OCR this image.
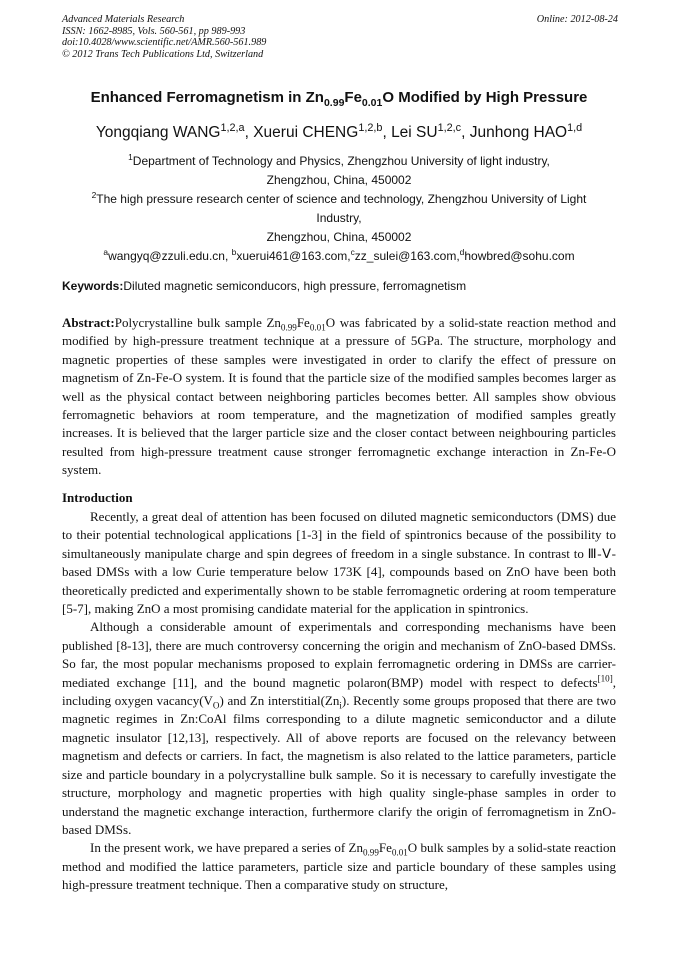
Advanced Materials Research	Online: 2012-08-24
ISSN: 1662-8985, Vols. 560-561, pp 989-993
doi:10.4028/www.scientific.net/AMR.560-561.989
© 2012 Trans Tech Publications Ltd, Switzerland
Enhanced Ferromagnetism in $Zn_{0.99}Fe_{0.01}O$ Modified by High Pressure
Yongqiang WANG$^{1,2,a}$, Xuerui CHENG$^{1,2,b}$, Lei SU$^{1,2,c}$, Junhong HAO$^{1,d}$
$^1$Department of Technology and Physics, Zhengzhou University of light industry,
Zhengzhou, China, 450002
$^2$The high pressure research center of science and technology, Zhengzhou University of Light
Industry,
Zhengzhou, China, 450002
$^a$wangyq@zzuli.edu.cn, $^b$xuerui461@163.com,$^c$zz_sulei@163.com,$^d$howbred@sohu.com
Keywords:Diluted magnetic semiconducors, high pressure, ferromagnetism

Abstract:Polycrystalline bulk sample $Zn_{0.99}Fe_{0.01}O$ was fabricated by a solid-state reaction method and modified by high-pressure treatment technique at a pressure of 5GPa. The structure, morphology and magnetic properties of these samples were investigated in order to clarify the effect of pressure on magnetism of Zn-Fe-O system. It is found that the particle size of the modified samples becomes larger as well as the physical contact between neighboring particles becomes better. All samples show obvious ferromagnetic behaviors at room temperature, and the magnetization of modified samples greatly increases. It is believed that the larger particle size and the closer contact between neighbouring particles resulted from high-pressure treatment cause stronger ferromagnetic exchange interaction in Zn-Fe-O system.

Introduction

Recently, a great deal of attention has been focused on diluted magnetic semiconductors (DMS) due to their potential technological applications [1-3] in the field of spintronics because of the possibility to simultaneously manipulate charge and spin degrees of freedom in a single substance. In contrast to Ⅲ-Ⅴ-based DMSs with a low Curie temperature below 173K [4], compounds based on ZnO have been both theoretically predicted and experimentally shown to be stable ferromagnetic ordering at room temperature [5-7], making ZnO a most promising candidate material for the application in spintronics.

Although a considerable amount of experimentals and corresponding mechanisms have been published [8-13], there are much controversy concerning the origin and mechanism of ZnO-based DMSs. So far, the most popular mechanisms proposed to explain ferromagnetic ordering in DMSs are carrier-mediated exchange [11], and the bound magnetic polaron(BMP) model with respect to defects[10], including oxygen $vacancy(V_O)$ and Zn $interstitial(Zn_i)$. Recently some groups proposed that there are two magnetic regimes in Zn:CoAl films corresponding to a dilute magnetic semiconductor and a dilute magnetic insulator [12,13], respectively. All of above reports are focused on the relevancy between magnetism and defects or carriers. In fact, the magnetism is also related to the lattice parameters, particle size and particle boundary in a polycrystalline bulk sample. So it is necessary to carefully investigate the structure, morphology and magnetic properties with high quality single-phase samples in order to understand the magnetic exchange interaction, furthermore clarify the origin of ferromagnetism in ZnO-based DMSs.

In the present work, we have prepared a series of $Zn_{0.99}Fe_{0.01}O$ bulk samples by a solid-state reaction method and modified the lattice parameters, particle size and particle boundary of these samples using high-pressure treatment technique. Then a comparative study on structure,
